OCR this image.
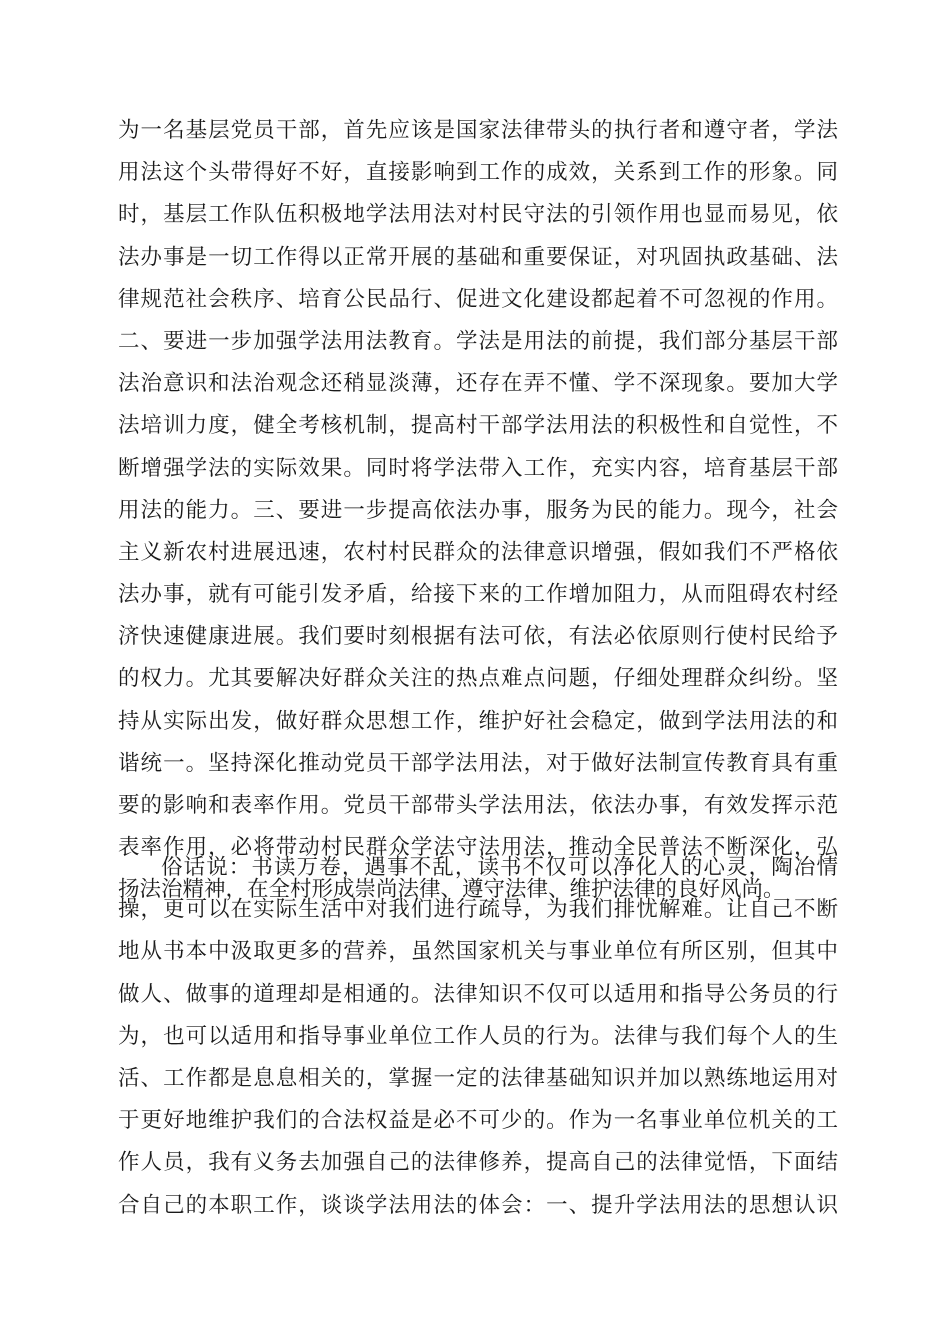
为一名基层党员干部，首先应该是国家法律带头的执行者和遵守者，学法
用法这个头带得好不好，直接影响到工作的成效，关系到工作的形象。同
时，基层工作队伍积极地学法用法对村民守法的引领作用也显而易见，依
法办事是一切工作得以正常开展的基础和重要保证，对巩固执政基础、法
律规范社会秩序、培育公民品行、促进文化建设都起着不可忽视的作用。
二、要进一步加强学法用法教育。学法是用法的前提，我们部分基层干部
法治意识和法治观念还稍显淡薄，还存在弄不懂、学不深现象。要加大学
法培训力度，健全考核机制，提高村干部学法用法的积极性和自觉性，不
断增强学法的实际效果。同时将学法带入工作，充实内容，培育基层干部
用法的能力。三、要进一步提高依法办事，服务为民的能力。现今，社会
主义新农村进展迅速，农村村民群众的法律意识增强，假如我们不严格依
法办事，就有可能引发矛盾，给接下来的工作增加阻力，从而阻碍农村经
济快速健康进展。我们要时刻根据有法可依，有法必依原则行使村民给予
的权力。尤其要解决好群众关注的热点难点问题，仔细处理群众纠纷。坚
持从实际出发，做好群众思想工作，维护好社会稳定，做到学法用法的和
谐统一。坚持深化推动党员干部学法用法，对于做好法制宣传教育具有重
要的影响和表率作用。党员干部带头学法用法，依法办事，有效发挥示范
表率作用，必将带动村民群众学法守法用法，推动全民普法不断深化，弘
扬法治精神，在全村形成崇尚法律、遵守法律、维护法律的良好风尚。
俗话说：书读万卷，遇事不乱，读书不仅可以净化人的心灵，陶冶情
操，更可以在实际生活中对我们进行疏导，为我们排忧解难。让自己不断
地从书本中汲取更多的营养，虽然国家机关与事业单位有所区别，但其中
做人、做事的道理却是相通的。法律知识不仅可以适用和指导公务员的行
为，也可以适用和指导事业单位工作人员的行为。法律与我们每个人的生
活、工作都是息息相关的，掌握一定的法律基础知识并加以熟练地运用对
于更好地维护我们的合法权益是必不可少的。作为一名事业单位机关的工
作人员，我有义务去加强自己的法律修养，提高自己的法律觉悟，下面结
合自己的本职工作，谈谈学法用法的体会：一、提升学法用法的思想认识
